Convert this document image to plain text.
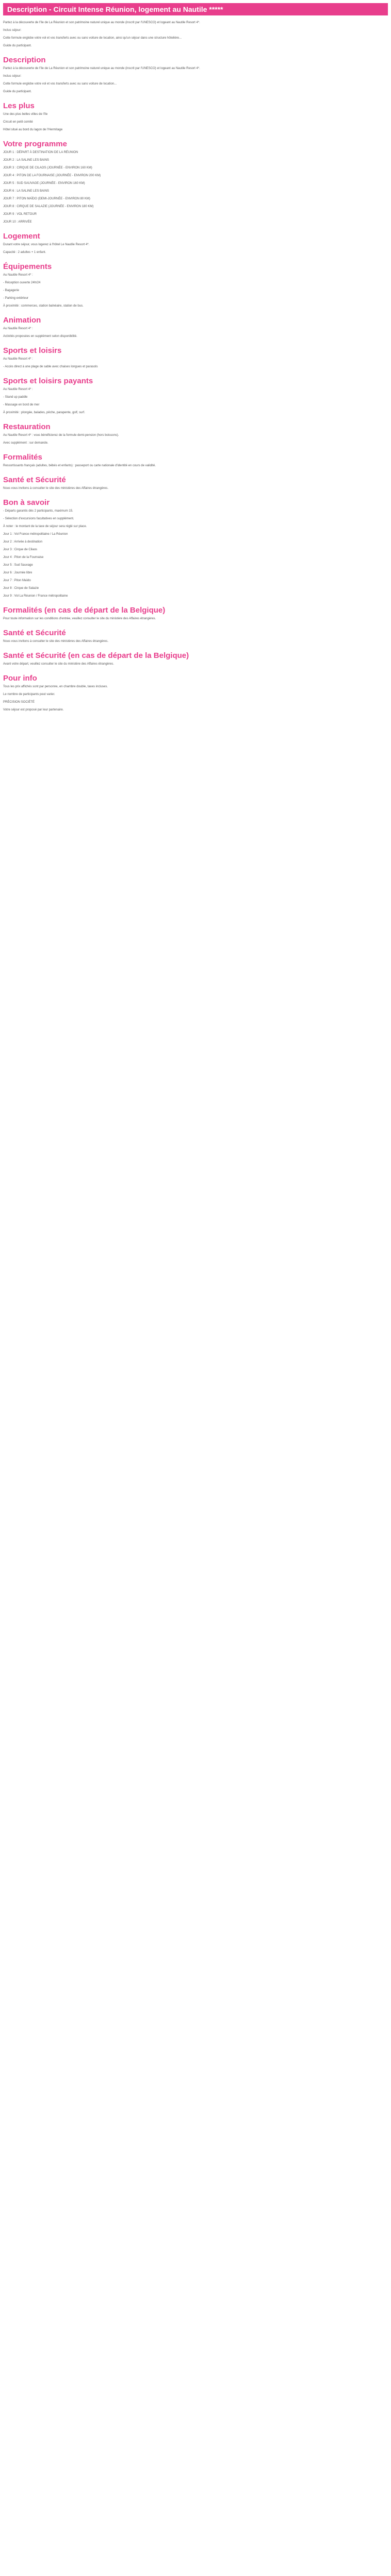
Description - Circuit Intense Réunion, logement au Nautile *****

Partez à la découverte de l'île de La Réunion et son patrimoine naturel unique au monde (inscrit par l'UNESCO) et logeant au Nautile Resort 4*.

Inclus séjour:

Cette formule englobe votre vol et vos transferts avec ou sans voiture de location, ainsi qu'un séjour dans une structure hôtelière...

Guide du participant.

Description

Partez à la découverte de l'île de La Réunion et son patrimoine naturel unique au monde (inscrit par l'UNESCO) et logeant au Nautile Resort 4*.

Inclus séjour:

Cette formule englobe votre vol et vos transferts avec ou sans voiture de location...

Guide du participant.

Les plus

Une des plus belles villes de l'île

Circuit en petit comité

Hôtel situé au bord du lagon de l'Hermitage

Votre programme

JOUR 1 : DÉPART À DESTINATION DE LA RÉUNION

JOUR 2 : LA SALINE LES BAINS

JOUR 3 : CIRQUE DE CILAOS (JOURNÉE - ENVIRON 160 KM)

JOUR 4 : PITON DE LA FOURNAISE (JOURNÉE - ENVIRON 200 KM)

JOUR 5 : SUD SAUVAGE (JOURNÉE - ENVIRON 160 KM)

JOUR 6 : LA SALINE LES BAINS

JOUR 7 : PITON MAÏDO (DEMI-JOURNÉE - ENVIRON 80 KM)

JOUR 8 : CIRQUE DE SALAZIE (JOURNÉE - ENVIRON 180 KM)

JOUR 9 : VOL RETOUR

JOUR 10 : ARRIVÉE

Logement

Durant votre séjour, vous logerez à l'hôtel Le Nautile Resort 4*.

Capacité : 2 adultes + 1 enfant.

Équipements

Au Nautile Resort 4* :

- Réception ouverte 24h/24

- Bagagerie

- Parking extérieur

À proximité : commerces, station balnéaire, station de bus.

Animation

Au Nautile Resort 4* :

Activités proposées en supplément selon disponibilité.

Sports et loisirs

Au Nautile Resort 4* :

- Accès direct à une plage de sable avec chaises longues et parasols

Sports et loisirs payants

Au Nautile Resort 4* :

- Stand up paddle

- Massage en bord de mer

À proximité : plongée, balades, pêche, parapente, golf, surf.

Restauration

Au Nautile Resort 4* : vous bénéficierez de la formule demi-pension (hors boissons).

Avec supplément : sur demande.

Formalités

Ressortissants français (adultes, bébés et enfants) : passeport ou carte nationale d'identité en cours de validité.

Santé et Sécurité

Nous vous invitons à consulter le site des ministères des Affaires étrangères.

Bon à savoir

- Départs garantis dès 2 participants, maximum 15.

- Sélection d'excursions facultatives en supplément.

À noter : le montant de la taxe de séjour sera réglé sur place.

Jour 1 : Vol France métropolitaine / La Réunion

Jour 2 : Arrivée à destination

Jour 3 : Cirque de Cilaos

Jour 4 : Piton de la Fournaise

Jour 5 : Sud Sauvage

Jour 6 : Journée libre

Jour 7 : Piton Maïdo

Jour 8 : Cirque de Salazie

Jour 9 : Vol La Réunion / France métropolitaine

Formalités (en cas de départ de la Belgique)

Pour toute information sur les conditions d'entrée, veuillez consulter le site du ministère des Affaires étrangères.

Santé et Sécurité

Nous vous invitons à consulter le site des ministères des Affaires étrangères.

Santé et Sécurité (en cas de départ de la Belgique)

Avant votre départ, veuillez consulter le site du ministère des Affaires étrangères.

Pour info

Tous les prix affichés sont par personne, en chambre double, taxes incluses.

Le nombre de participants peut varier.

PRÉCISION SOCIÉTÉ

Votre séjour est proposé par leur partenaire.
